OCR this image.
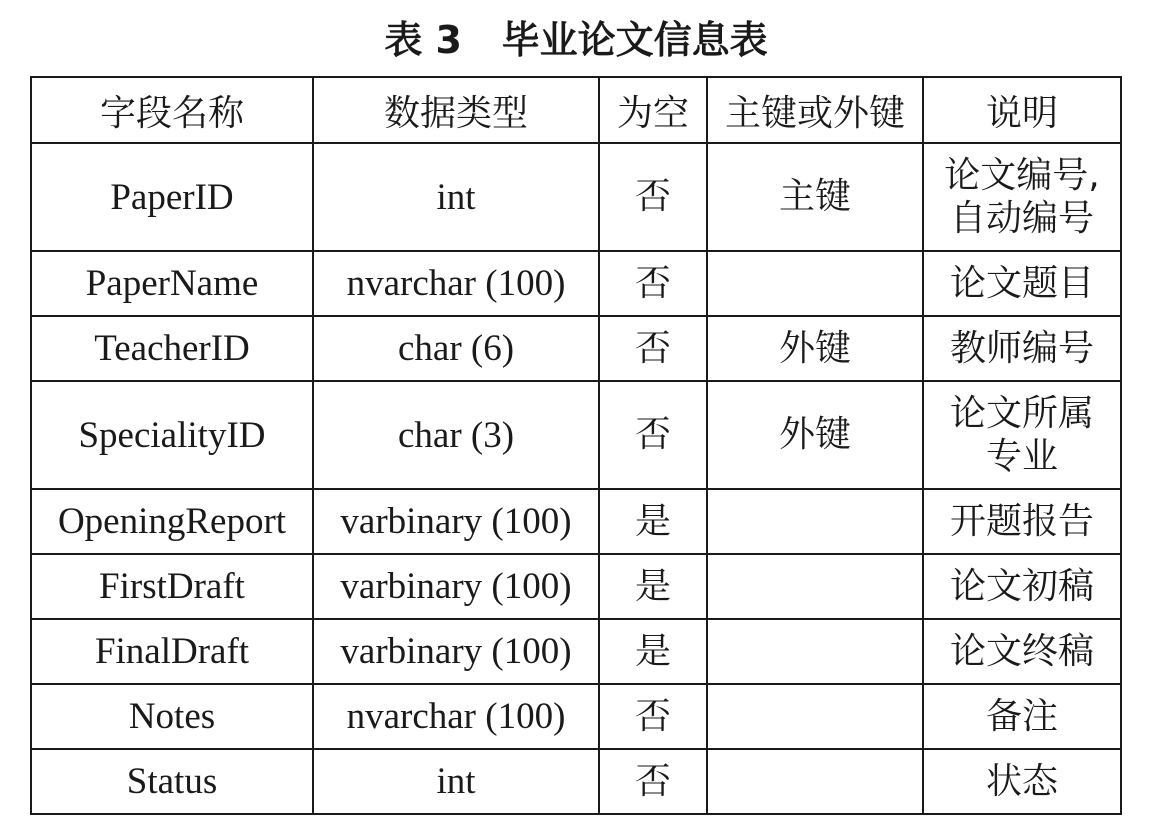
表 3   毕业论文信息表
字段名称	数据类型	为空	主键或外键	说明
PaperID	int	否	主键	论文编号,
自动编号

PaperName	nvarchar (100)	否		论文题目

TeacherID	char (6)	否	外键	教师编号

SpecialityID	char (3)	否	外键	论文所属
专业

OpeningReport	varbinary (100)	是		开题报告

FirstDraft	varbinary (100)	是		论文初稿

FinalDraft	varbinary (100)	是		论文终稿

Notes	nvarchar (100)	否		备注

Status	int	否		状态
